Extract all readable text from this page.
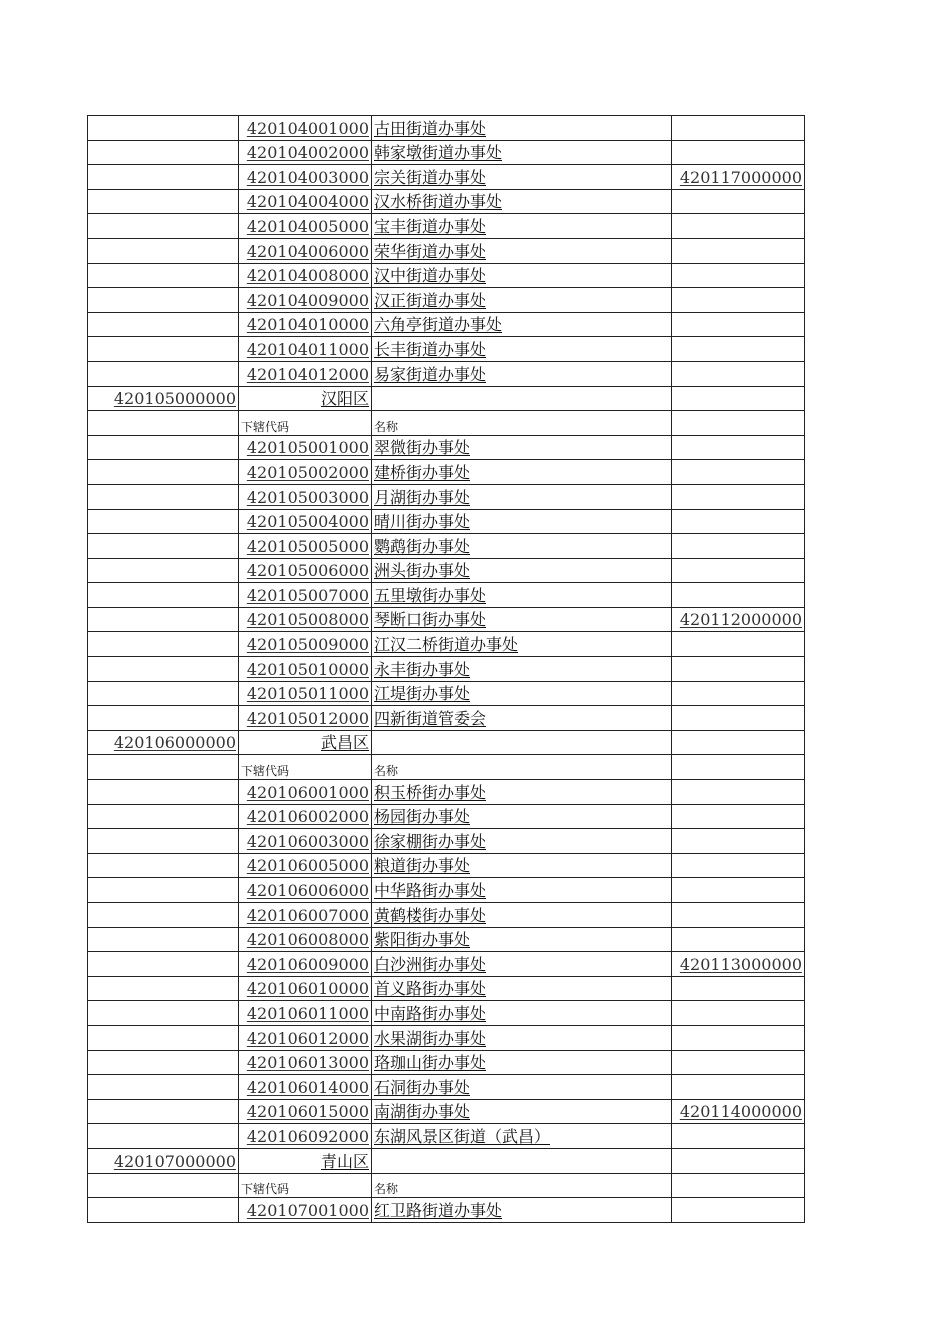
	420104001000	古田街道办事处	
	420104002000	韩家墩街道办事处	
	420104003000	宗关街道办事处	420117000000
	420104004000	汉水桥街道办事处	
	420104005000	宝丰街道办事处	
	420104006000	荣华街道办事处	
	420104008000	汉中街道办事处	
	420104009000	汉正街道办事处	
	420104010000	六角亭街道办事处	
	420104011000	长丰街道办事处	
	420104012000	易家街道办事处	
420105000000	汉阳区		
	下辖代码	名称	
	420105001000	翠微街办事处	
	420105002000	建桥街办事处	
	420105003000	月湖街办事处	
	420105004000	晴川街办事处	
	420105005000	鹦鹉街办事处	
	420105006000	洲头街办事处	
	420105007000	五里墩街办事处	
	420105008000	琴断口街办事处	420112000000
	420105009000	江汉二桥街道办事处	
	420105010000	永丰街办事处	
	420105011000	江堤街办事处	
	420105012000	四新街道管委会	
420106000000	武昌区		
	下辖代码	名称	
	420106001000	积玉桥街办事处	
	420106002000	杨园街办事处	
	420106003000	徐家棚街办事处	
	420106005000	粮道街办事处	
	420106006000	中华路街办事处	
	420106007000	黄鹤楼街办事处	
	420106008000	紫阳街办事处	
	420106009000	白沙洲街办事处	420113000000
	420106010000	首义路街办事处	
	420106011000	中南路街办事处	
	420106012000	水果湖街办事处	
	420106013000	珞珈山街办事处	
	420106014000	石洞街办事处	
	420106015000	南湖街办事处	420114000000
	420106092000	东湖风景区街道（武昌）	
420107000000	青山区		
	下辖代码	名称	
	420107001000	红卫路街道办事处	
